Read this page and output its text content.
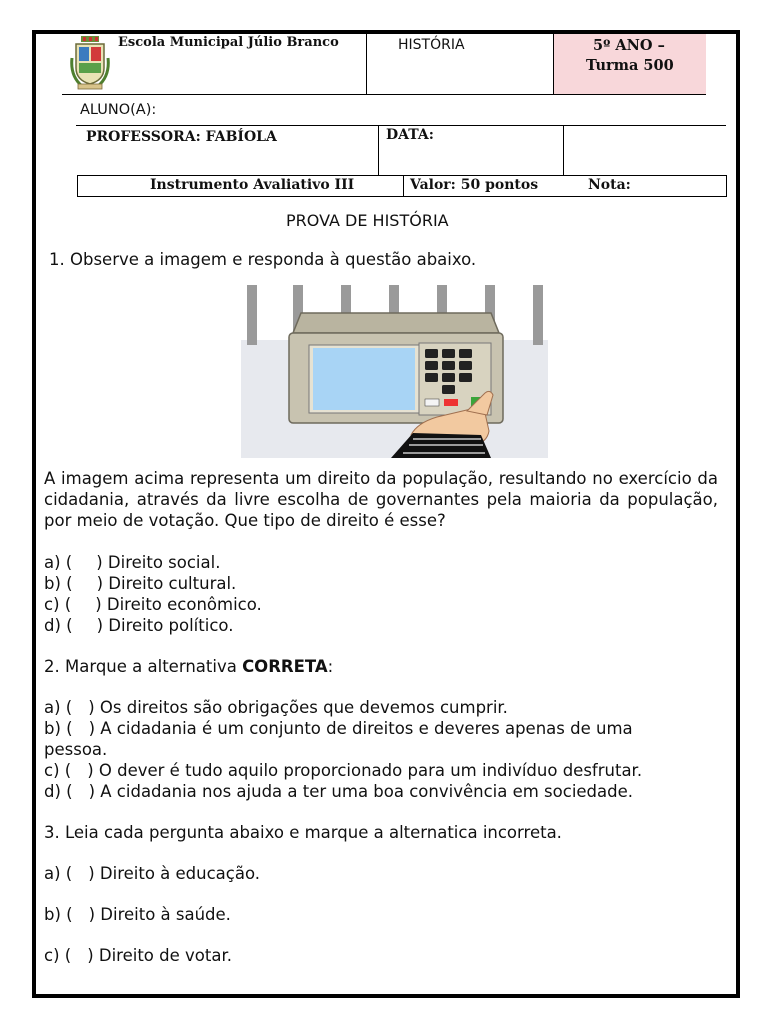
Escola Municipal Júlio Branco	HISTÓRIA	5º ANO –
Turma 500
ALUNO(A):
PROFESSORA: FABÍOLA	DATA:
Instrumento Avaliativo III	Valor: 50 pontos	Nota:
PROVA DE HISTÓRIA
1. Observe a imagem e responda à questão abaixo.
A imagem acima representa um direito da população, resultando no exercício da cidadania, através da livre escolha de governantes pela maioria da população, por meio de votação. Que tipo de direito é esse?
a) ( ) Direito social.
b) ( ) Direito cultural.
c) ( ) Direito econômico.
d) ( ) Direito político.
2. Marque a alternativa CORRETA:
a) ( ) Os direitos são obrigações que devemos cumprir.
b) ( ) A cidadania é um conjunto de direitos e deveres apenas de uma
pessoa.
c) ( ) O dever é tudo aquilo proporcionado para um indivíduo desfrutar.
d) ( ) A cidadania nos ajuda a ter uma boa convivência em sociedade.
3. Leia cada pergunta abaixo e marque a alternatica incorreta.
a) ( ) Direito à educação.
b) ( ) Direito à saúde.
c) ( ) Direito de votar.
